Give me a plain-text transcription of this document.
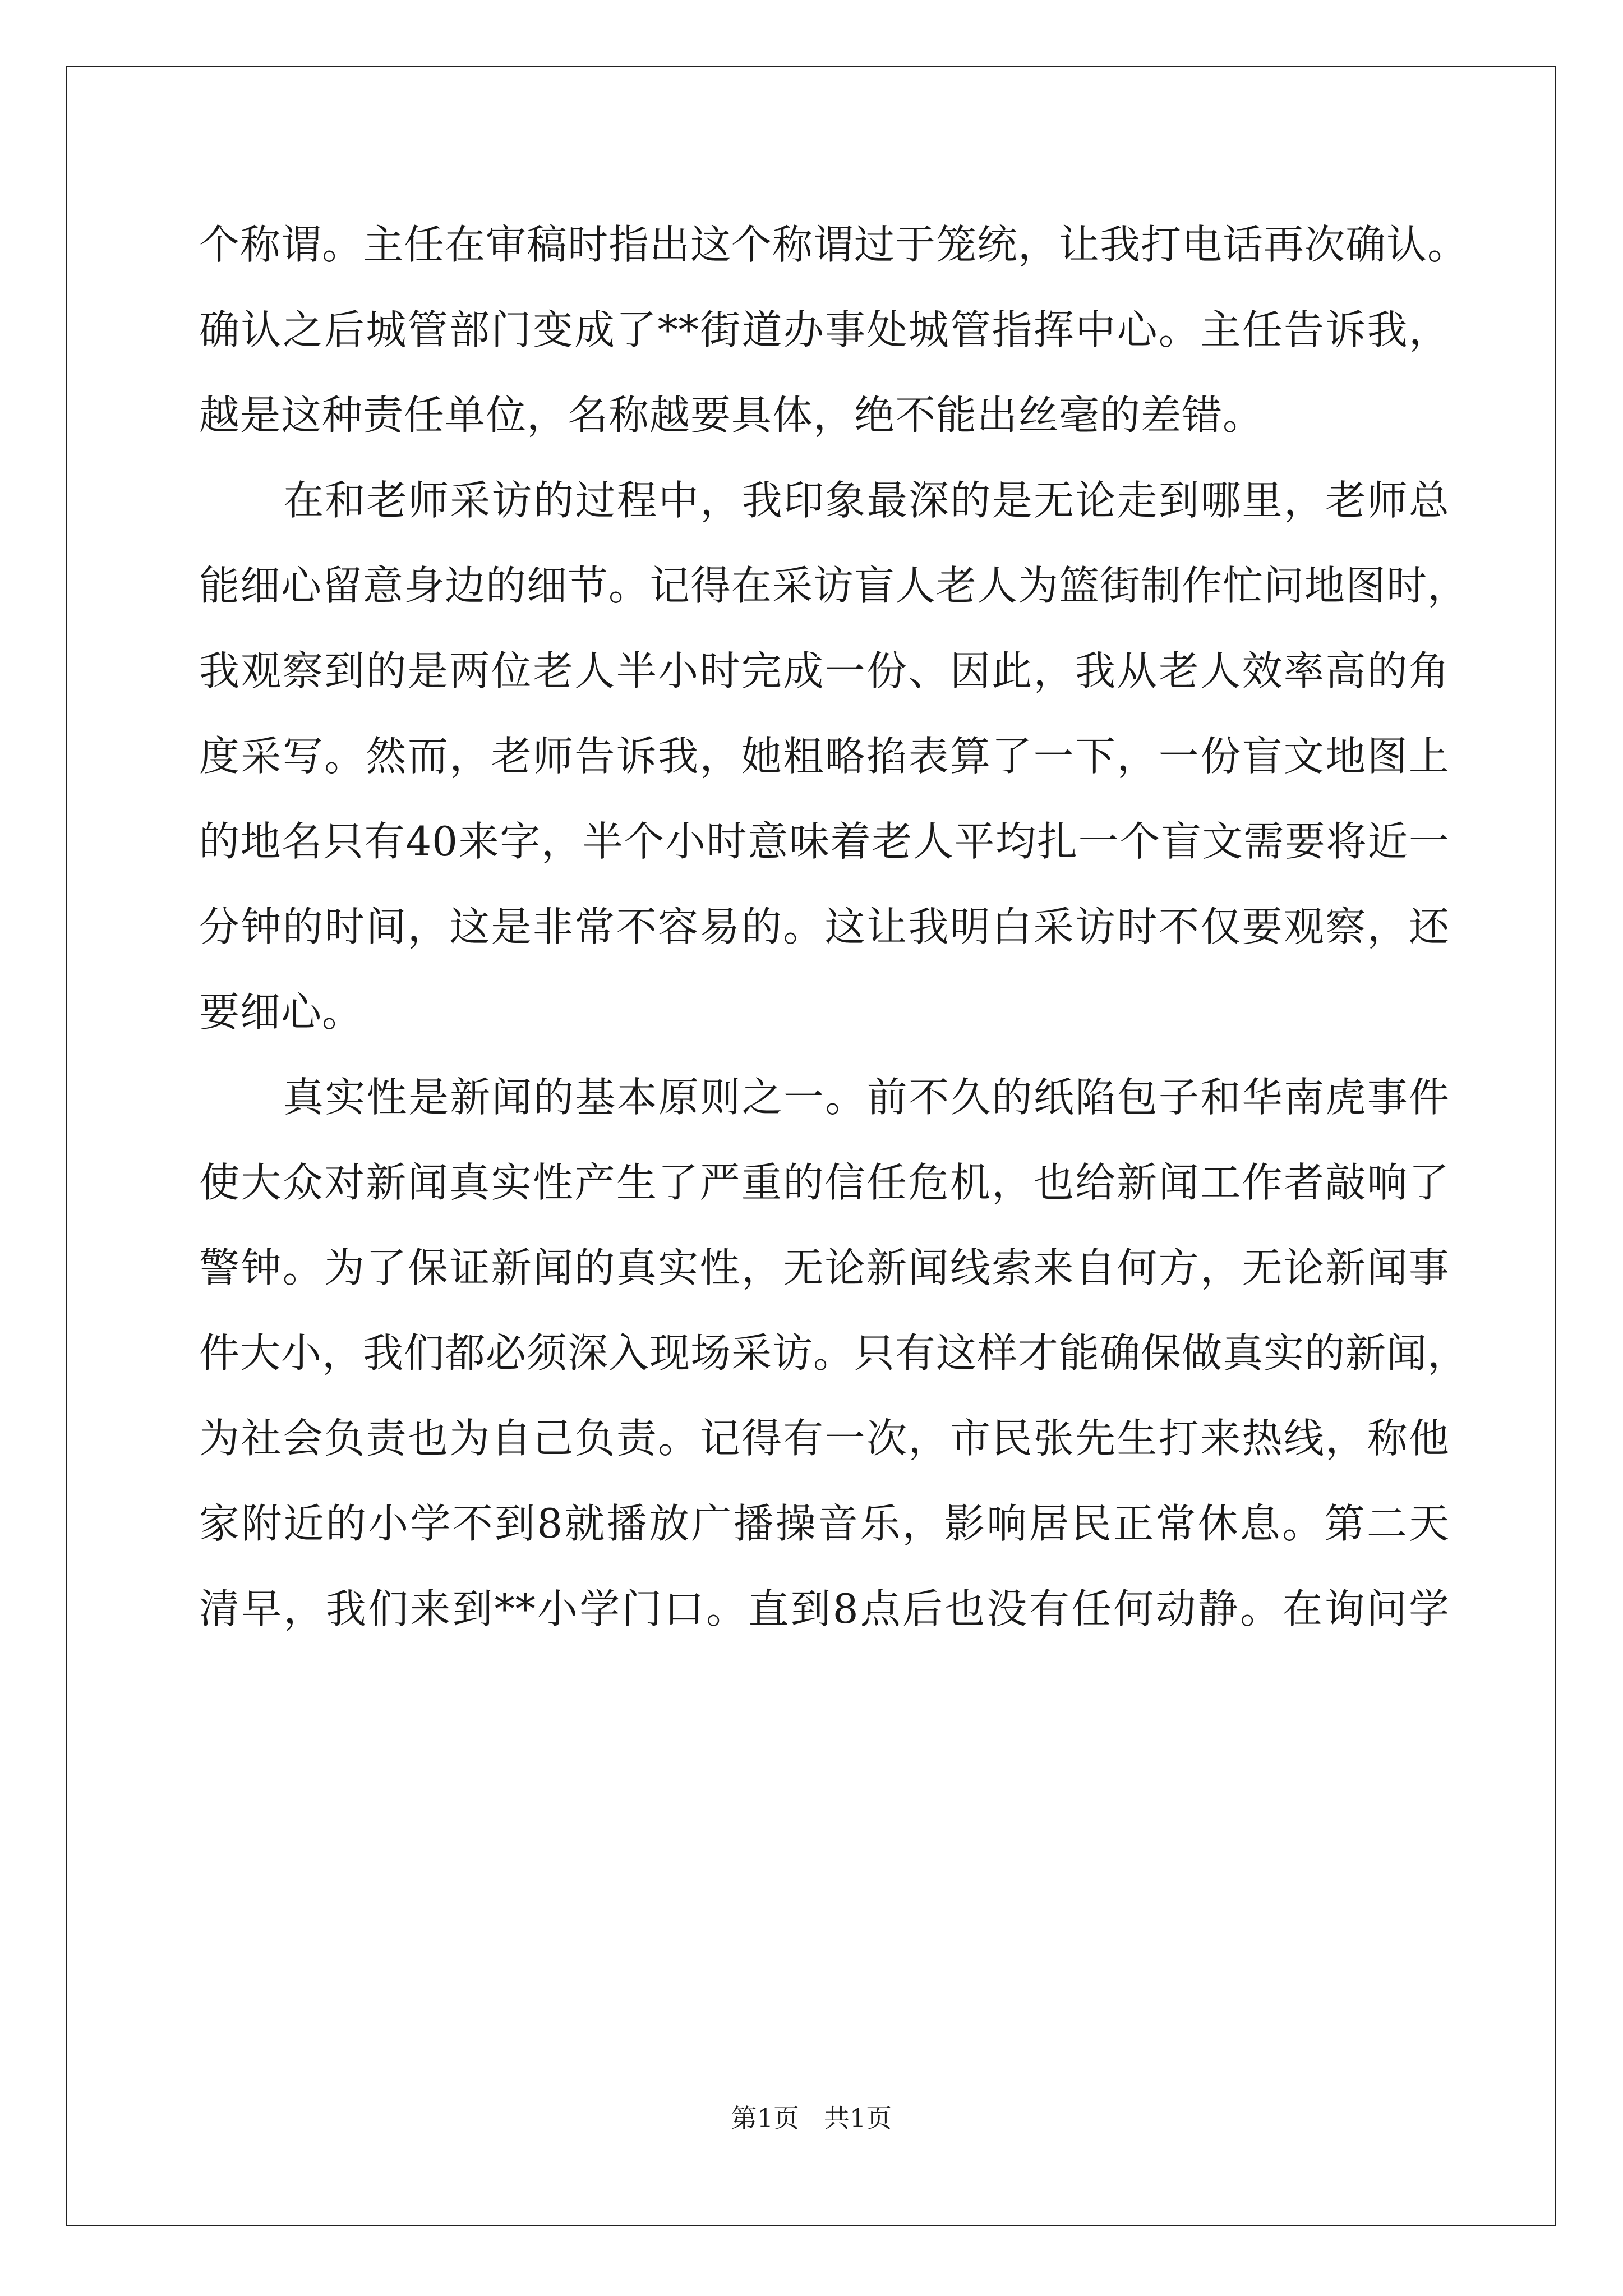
个称谓。主任在审稿时指出这个称谓过于笼统，让我打电话再次确认。
确认之后城管部门变成了**街道办事处城管指挥中心。主任告诉我，
越是这种责任单位，名称越要具体，绝不能出丝毫的差错。
在和老师采访的过程中，我印象最深的是无论走到哪里，老师总
能细心留意身边的细节。记得在采访盲人老人为篮街制作忙问地图时，
我观察到的是两位老人半小时完成一份、因此，我从老人效率高的角
度采写。然而，老师告诉我，她粗略掐表算了一下，一份盲文地图上
的地名只有40来字，半个小时意味着老人平均扎一个盲文需要将近一
分钟的时间，这是非常不容易的。这让我明白采访时不仅要观察，还
要细心。
真实性是新闻的基本原则之一。前不久的纸陷包子和华南虎事件
使大众对新闻真实性产生了严重的信任危机，也给新闻工作者敲响了
警钟。为了保证新闻的真实性，无论新闻线索来自何方，无论新闻事
件大小，我们都必须深入现场采访。只有这样才能确保做真实的新闻，
为社会负责也为自己负责。记得有一次，市民张先生打来热线，称他
家附近的小学不到8就播放广播操音乐，影响居民正常休息。第二天
清早，我们来到**小学门口。直到8点后也没有任何动静。在询问学
第1页 共1页
